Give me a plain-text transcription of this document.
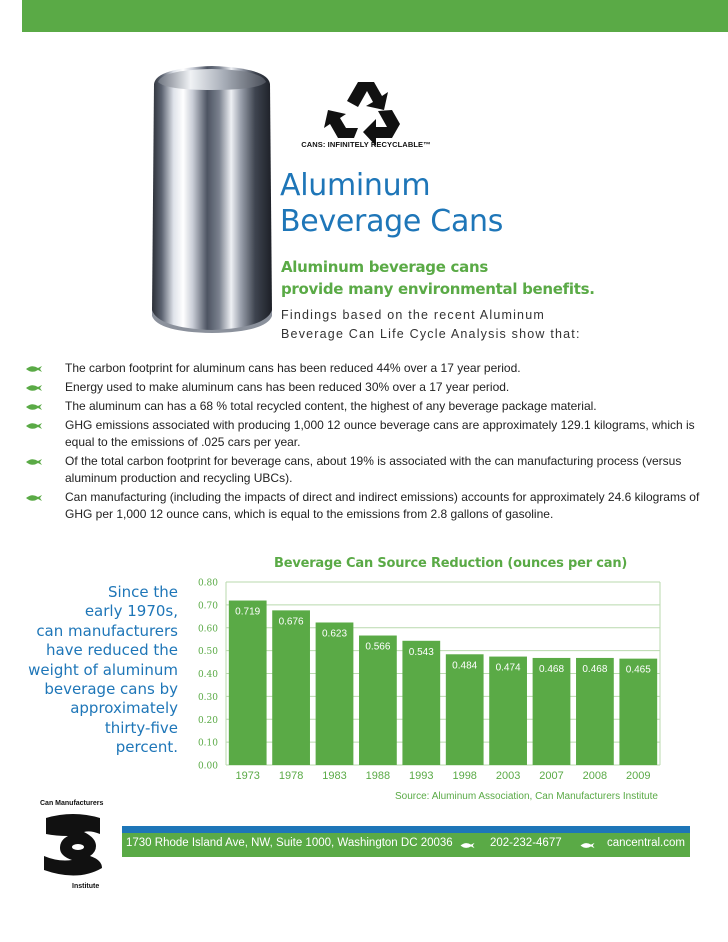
CANS: INFINITELY RECYCLABLE™
Aluminum
Beverage Cans
Aluminum beverage cans
provide many environmental benefits.
Findings based on the recent Aluminum
Beverage Can Life Cycle Analysis show that:
The carbon footprint for aluminum cans has been reduced 44% over a 17 year period.
Energy used to make aluminum cans has been reduced 30% over a 17 year period.
The aluminum can has a 68 % total recycled content, the highest of any beverage package material.
GHG emissions associated with producing 1,000 12 ounce beverage cans are approximately 129.1 kilograms, which is equal to the emissions of .025 cars per year.
Of the total carbon footprint for beverage cans, about 19% is associated with the can manufacturing process (versus aluminum production and recycling UBCs).
Can manufacturing (including the impacts of direct and indirect emissions) accounts for approximately 24.6 kilograms of GHG per 1,000 12 ounce cans, which is equal to the emissions from 2.8 gallons of gasoline.
Since the
early 1970s,
can manufacturers
have reduced the
weight of aluminum
beverage cans by
approximately
thirty-five
percent.
Beverage Can Source Reduction (ounces per can)
0.00
0.10
0.20
0.30
0.40
0.50
0.60
0.70
0.80
0.719
1973
0.676
1978
0.623
1983
0.566
1988
0.543
1993
0.484
1998
0.474
2003
0.468
2007
0.468
2008
0.465
2009
Source: Aluminum Association, Can Manufacturers Institute
Can Manufacturers
Institute
1730 Rhode Island Ave, NW, Suite 1000, Washington DC 20036	202-232-4677	cancentral.com
